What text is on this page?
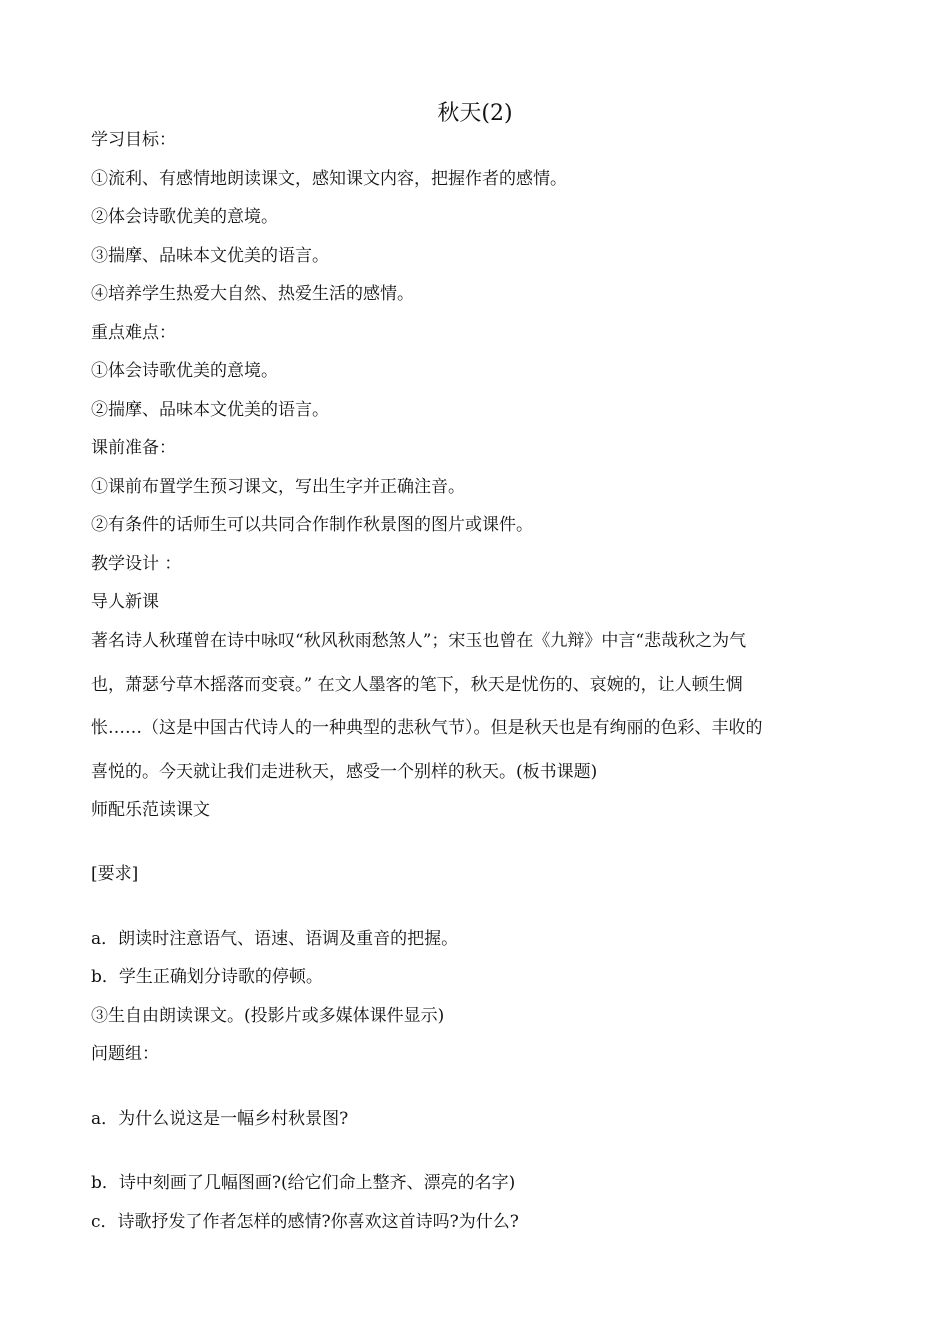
秋天(2)

学习目标：

①流利、有感情地朗读课文，感知课文内容，把握作者的感情。

②体会诗歌优美的意境。

③揣摩、品味本文优美的语言。

④培养学生热爱大自然、热爱生活的感情。

重点难点：

①体会诗歌优美的意境。

②揣摩、品味本文优美的语言。

课前准备：

①课前布置学生预习课文，写出生字并正确注音。

②有条件的话师生可以共同合作制作秋景图的图片或课件。

教学设计 ：

导人新课

著名诗人秋瑾曾在诗中咏叹“秋风秋雨愁煞人”；宋玉也曾在《九辩》中言“悲哉秋之为气
也，萧瑟兮草木摇落而变衰。” 在文人墨客的笔下，秋天是忧伤的、哀婉的，让人顿生惆
怅……（这是中国古代诗人的一种典型的悲秋气节）。但是秋天也是有绚丽的色彩、丰收的
喜悦的。今天就让我们走进秋天，感受一个别样的秋天。(板书课题)

师配乐范读课文

[要求]

a．朗读时注意语气、语速、语调及重音的把握。

b．学生正确划分诗歌的停顿。

③生自由朗读课文。(投影片或多媒体课件显示)

问题组：

a．为什么说这是一幅乡村秋景图?

b．诗中刻画了几幅图画?(给它们命上整齐、漂亮的名字)

c．诗歌抒发了作者怎样的感情?你喜欢这首诗吗?为什么?
